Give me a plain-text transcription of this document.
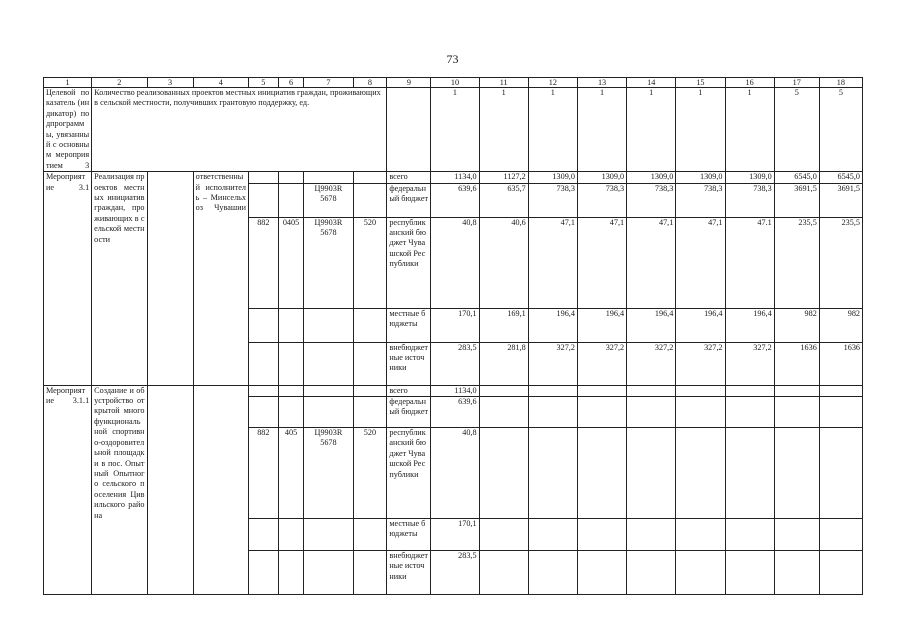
73
1	2	3	4	5	6	7	8	9	10	11	12	13	14	15	16	17	18
Целевой показатель (индикатор) подпрограммы, увязанный с основным мероприятием 3	Количество реализованных проектов местных инициатив граждан, проживающих в сельской местности, получивших грантовую поддержку, ед.								1	1	1	1	1	1	1	5	5
Мероприятие 3.1	Реализация проектов местных инициатив граждан, проживающих в сельской местности		ответственный исполнитель – Минсельхоз Чувашии					всего	1134,0	1127,2	1309,0	1309,0	1309,0	1309,0	1309,0	6545,0	6545,0
						Ц9903R 5678		федеральный бюджет	639,6	635,7	738,3	738,3	738,3	738,3	738,3	3691,5	3691,5
				882	0405	Ц9903R 5678	520	республиканский бюджет Чувашской Республики	40,8	40,6	47,1	47,1	47,1	47,1	47.1	235,5	235,5
								местные бюджеты	170,1	169,1	196,4	196,4	196,4	196,4	196,4	982	982
								внебюджетные источники	283,5	281,8	327,2	327,2	327,2	327,2	327,2	1636	1636
Мероприятие 3.1.1	Создание и обустройство открытой многофункциональной спортивно-оздоровительной площадки в пос. Опытный Опытного сельского поселения Цивильского района							всего	1134,0								
								федеральный бюджет	639,6								
				882	405	Ц9903R 5678	520	республиканский бюджет Чувашской Республики	40,8								
								местные бюджеты	170,1								
								внебюджетные источники	283,5								
